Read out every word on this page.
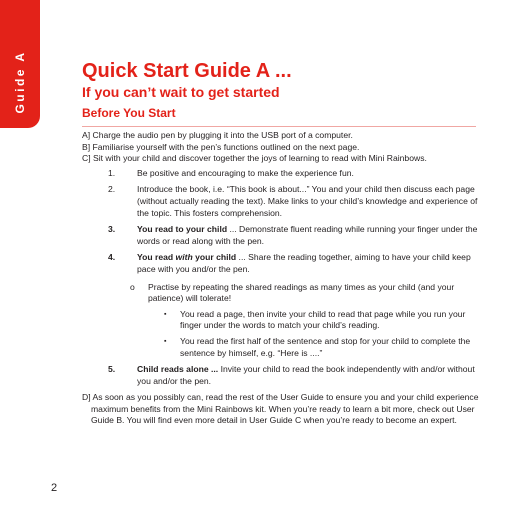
Guide A	Quick Start Guide A ...
If you can’t wait to get started
Before You Start

A] Charge the audio pen by plugging it into the USB port of a computer.

B] Familiarise yourself with the pen’s functions outlined on the next page.

C] Sit with your child and discover together the joys of learning to read with Mini Rainbows.

1.	Be positive and encouraging to make the experience fun.
2.	Introduce the book, i.e. “This book is about...” You and your child then discuss each page (without actually reading the text). Make links to your child’s knowledge and experience of the topic. This fosters comprehension.
3.	You read to your child ... Demonstrate fluent reading while running your finger under the words or read along with the pen.
4.	You read with your child ... Share the reading together, aiming to have your child keep pace with you and/or the pen.
o	Practise by repeating the shared readings as many times as your child (and your patience) will tolerate!
▪	You read a page, then invite your child to read that page while you run your finger under the words to match your child’s reading.
▪	You read the first half of the sentence and stop for your child to complete the sentence by himself, e.g. “Here is ....”
5.	Child reads alone ... Invite your child to read the book independently with and/or without you and/or the pen.

D] As soon as you possibly can, read the rest of the User Guide to ensure you and your child experience maximum benefits from the Mini Rainbows kit. When you’re ready to learn a bit more, check out User Guide B. You will find even more detail in User Guide C when you’re ready to become an expert.

2
